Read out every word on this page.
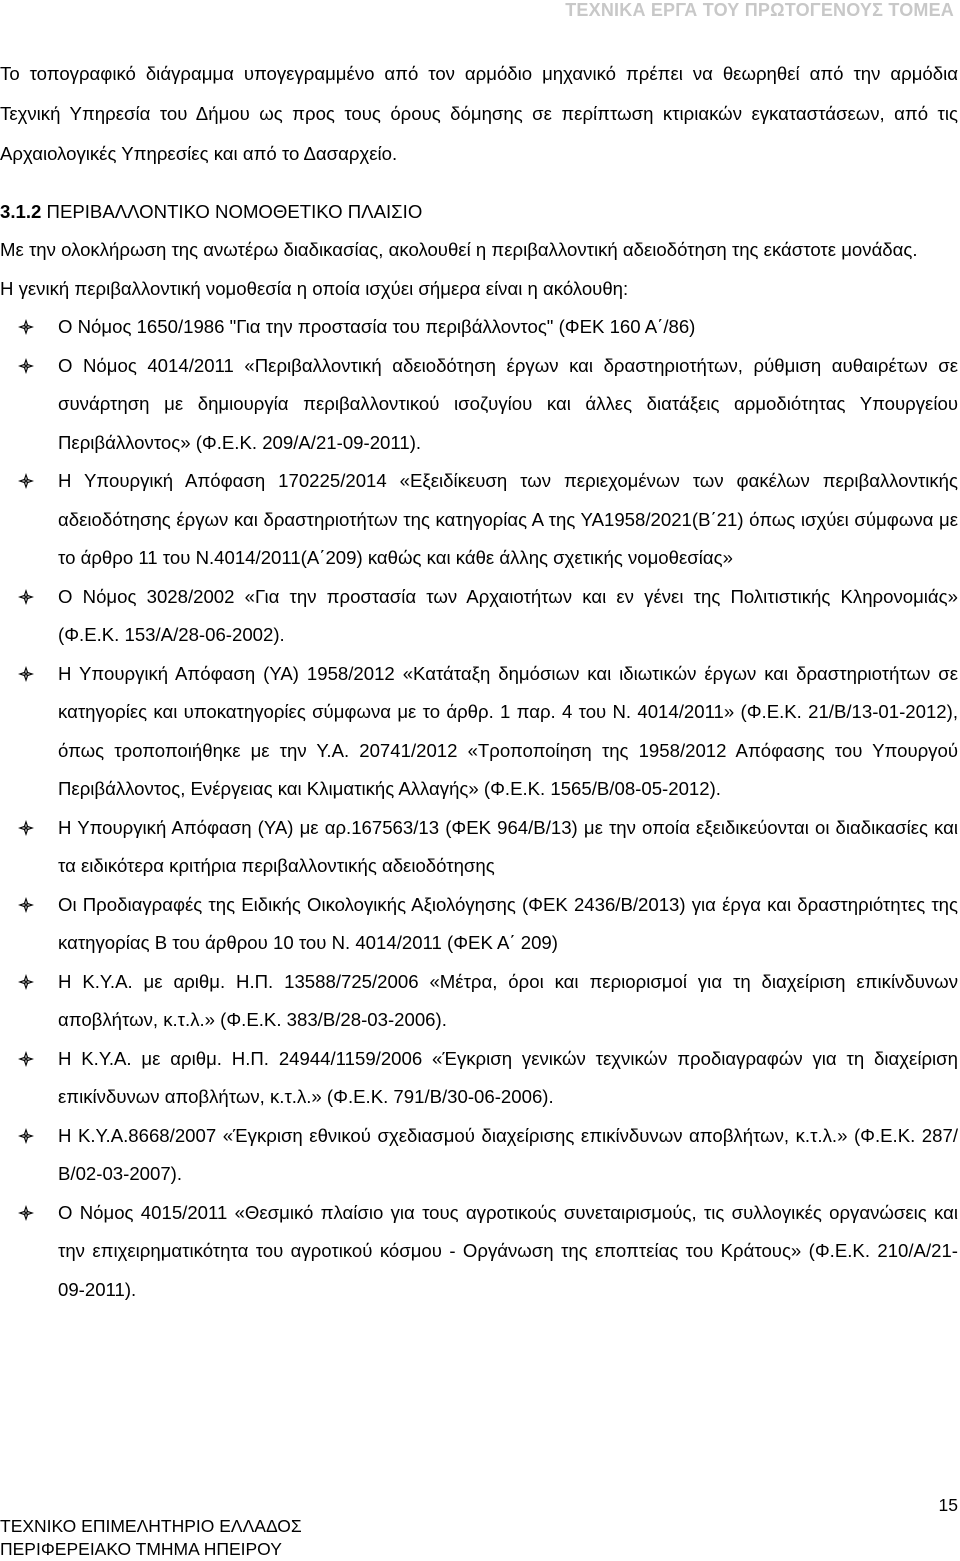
ΤΕΧΝΙΚΑ ΕΡΓΑ ΤΟΥ ΠΡΩΤΟΓΕΝΟΥΣ ΤΟΜΕΑ

Το τοπογραφικό διάγραμμα υπογεγραμμένο από τον αρμόδιο μηχανικό πρέπει να θεωρηθεί από την αρμόδια Τεχνική Υπηρεσία του Δήμου ως προς τους όρους δόμησης σε περίπτωση κτιριακών εγκαταστάσεων, από τις Αρχαιολογικές Υπηρεσίες και από το Δασαρχείο.

3.1.2 ΠΕΡΙΒΑΛΛΟΝΤΙΚΟ ΝΟΜΟΘΕΤΙΚΟ ΠΛΑΙΣΙΟ

Με την ολοκλήρωση της ανωτέρω διαδικασίας, ακολουθεί η περιβαλλοντική αδειοδότηση της εκάστοτε μονάδας.

Η γενική περιβαλλοντική νομοθεσία η οποία ισχύει σήμερα είναι η ακόλουθη:

Ο Νόμος 1650/1986 "Για την προστασία του περιβάλλοντος" (ΦΕΚ 160 Α΄/86)
Ο Νόμος 4014/2011 «Περιβαλλοντική αδειοδότηση έργων και δραστηριοτήτων, ρύθμιση αυθαιρέτων σε συνάρτηση με δημιουργία περιβαλλοντικού ισοζυγίου και άλλες διατάξεις αρμοδιότητας Υπουργείου Περιβάλλοντος» (Φ.Ε.Κ. 209/Α/21-09-2011).
Η Υπουργική Απόφαση 170225/2014 «Εξειδίκευση των περιεχομένων των φακέλων περιβαλλοντικής αδειοδότησης έργων και δραστηριοτήτων της κατηγορίας Α της ΥΑ1958/2021(Β΄21) όπως ισχύει σύμφωνα με το άρθρο 11 του Ν.4014/2011(Α΄209) καθώς και κάθε άλλης σχετικής νομοθεσίας»
Ο Νόμος 3028/2002 «Για την προστασία των Αρχαιοτήτων και εν γένει της Πολιτιστικής Κληρονομιάς» (Φ.Ε.Κ. 153/Α/28-06-2002).
Η Υπουργική Απόφαση (ΥΑ) 1958/2012 «Κατάταξη δημόσιων και ιδιωτικών έργων και δραστηριοτήτων σε κατηγορίες και υποκατηγορίες σύμφωνα με το άρθρ. 1 παρ. 4 του Ν. 4014/2011» (Φ.Ε.Κ. 21/Β/13-01-2012), όπως τροποποιήθηκε με την Υ.Α. 20741/2012 «Τροποποίηση της 1958/2012 Απόφασης του Υπουργού Περιβάλλοντος, Ενέργειας και Κλιματικής Αλλαγής» (Φ.Ε.Κ. 1565/Β/08-05-2012).
Η Υπουργική Απόφαση (ΥΑ) με αρ.167563/13 (ΦΕΚ 964/Β/13) με την οποία εξειδικεύονται οι διαδικασίες και τα ειδικότερα κριτήρια περιβαλλοντικής αδειοδότησης
Οι Προδιαγραφές της Ειδικής Οικολογικής Αξιολόγησης (ΦΕΚ 2436/Β/2013) για έργα και δραστηριότητες της κατηγορίας Β του άρθρου 10 του Ν. 4014/2011 (ΦΕΚ Α΄ 209)
Η Κ.Υ.Α. με αριθμ. Η.Π. 13588/725/2006 «Μέτρα, όροι και περιορισμοί για τη διαχείριση επικίνδυνων αποβλήτων, κ.τ.λ.» (Φ.Ε.Κ. 383/Β/28-03-2006).
Η Κ.Υ.Α. με αριθμ. Η.Π. 24944/1159/2006 «Έγκριση γενικών τεχνικών προδιαγραφών για τη διαχείριση επικίνδυνων αποβλήτων, κ.τ.λ.» (Φ.Ε.Κ. 791/Β/30-06-2006).
Η Κ.Υ.Α.8668/2007 «Έγκριση εθνικού σχεδιασμού διαχείρισης επικίνδυνων αποβλήτων, κ.τ.λ.» (Φ.Ε.Κ. 287/Β/02-03-2007).
Ο Νόμος 4015/2011 «Θεσμικό πλαίσιο για τους αγροτικούς συνεταιρισμούς, τις συλλογικές οργανώσεις και την επιχειρηματικότητα του αγροτικού κόσμου - Οργάνωση της εποπτείας του Κράτους» (Φ.Ε.Κ. 210/Α/21-09-2011).
ΤΕΧΝΙΚΟ ΕΠΙΜΕΛΗΤΗΡΙΟ ΕΛΛΑΔΟΣ
ΠΕΡΙΦΕΡΕΙΑΚΟ ΤΜΗΜΑ ΗΠΕΙΡΟΥ
15
